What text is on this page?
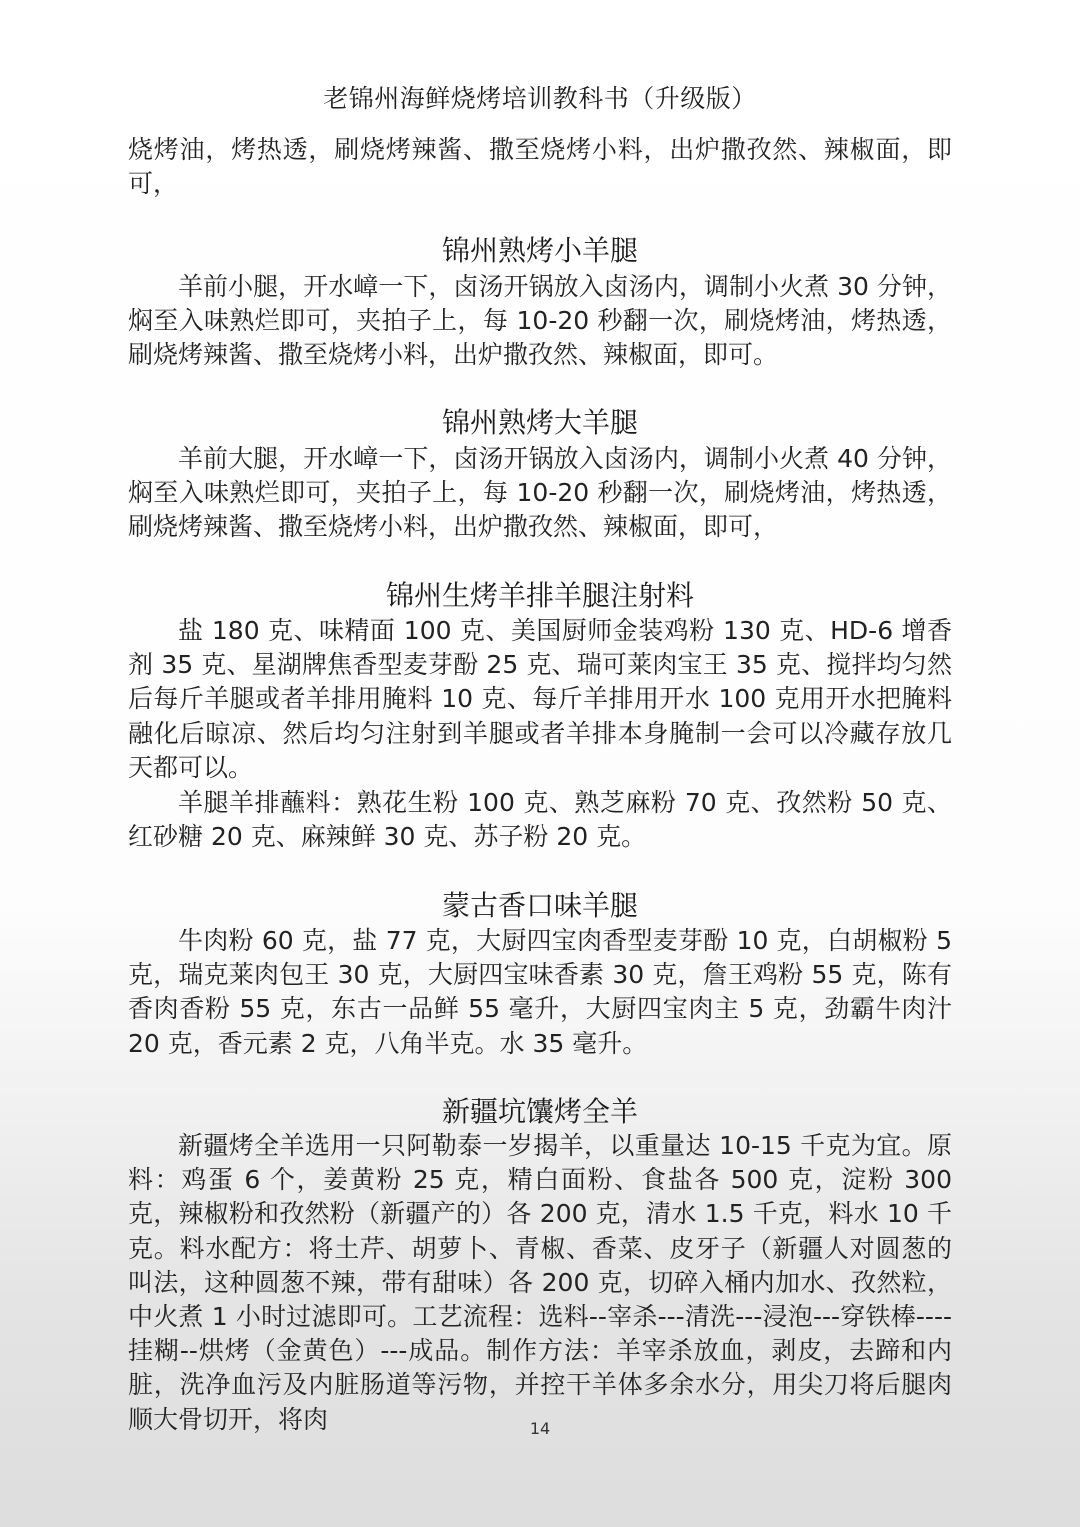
老锦州海鲜烧烤培训教科书（升级版）
烧烤油，烤热透，刷烧烤辣酱、撒至烧烤小料，出炉撒孜然、辣椒面，即可，
锦州熟烤小羊腿
羊前小腿，开水嶂一下，卤汤开锅放入卤汤内，调制小火煮 30 分钟，焖至入味熟烂即可，夹拍子上，每 10-20 秒翻一次，刷烧烤油，烤热透，刷烧烤辣酱、撒至烧烤小料，出炉撒孜然、辣椒面，即可。
锦州熟烤大羊腿
羊前大腿，开水嶂一下，卤汤开锅放入卤汤内，调制小火煮 40 分钟，焖至入味熟烂即可，夹拍子上，每 10-20 秒翻一次，刷烧烤油，烤热透，刷烧烤辣酱、撒至烧烤小料，出炉撒孜然、辣椒面，即可，
锦州生烤羊排羊腿注射料
盐 180 克、味精面 100 克、美国厨师金装鸡粉 130 克、HD-6 增香剂 35 克、星湖牌焦香型麦芽酚 25 克、瑞可莱肉宝王 35 克、搅拌均匀然后每斤羊腿或者羊排用腌料 10 克、每斤羊排用开水 100 克用开水把腌料融化后晾凉、然后均匀注射到羊腿或者羊排本身腌制一会可以冷藏存放几天都可以。
羊腿羊排蘸料：熟花生粉 100 克、熟芝麻粉 70 克、孜然粉 50 克、红砂糖 20 克、麻辣鲜 30 克、苏子粉 20 克。
蒙古香口味羊腿
牛肉粉 60 克，盐 77 克，大厨四宝肉香型麦芽酚 10 克，白胡椒粉 5 克，瑞克莱肉包王 30 克，大厨四宝味香素 30 克，詹王鸡粉 55 克，陈有香肉香粉 55 克，东古一品鲜 55 毫升，大厨四宝肉主 5 克，劲霸牛肉汁 20 克，香元素 2 克，八角半克。水 35 毫升。
新疆坑馕烤全羊
新疆烤全羊选用一只阿勒泰一岁揭羊，以重量达 10-15 千克为宜。原料：鸡蛋 6 个，姜黄粉 25 克，精白面粉、食盐各 500 克，淀粉 300 克，辣椒粉和孜然粉（新疆产的）各 200 克，清水 1.5 千克，料水 10 千克。料水配方：将土芹、胡萝卜、青椒、香菜、皮牙子（新疆人对圆葱的叫法，这种圆葱不辣，带有甜味）各 200 克，切碎入桶内加水、孜然粒，中火煮 1 小时过滤即可。工艺流程：选料--宰杀---清洗---浸泡---穿铁棒----挂糊--烘烤（金黄色）---成品。制作方法：羊宰杀放血，剥皮，去蹄和内脏，洗净血污及内脏肠道等污物，并控干羊体多余水分，用尖刀将后腿肉顺大骨切开，将肉	14
